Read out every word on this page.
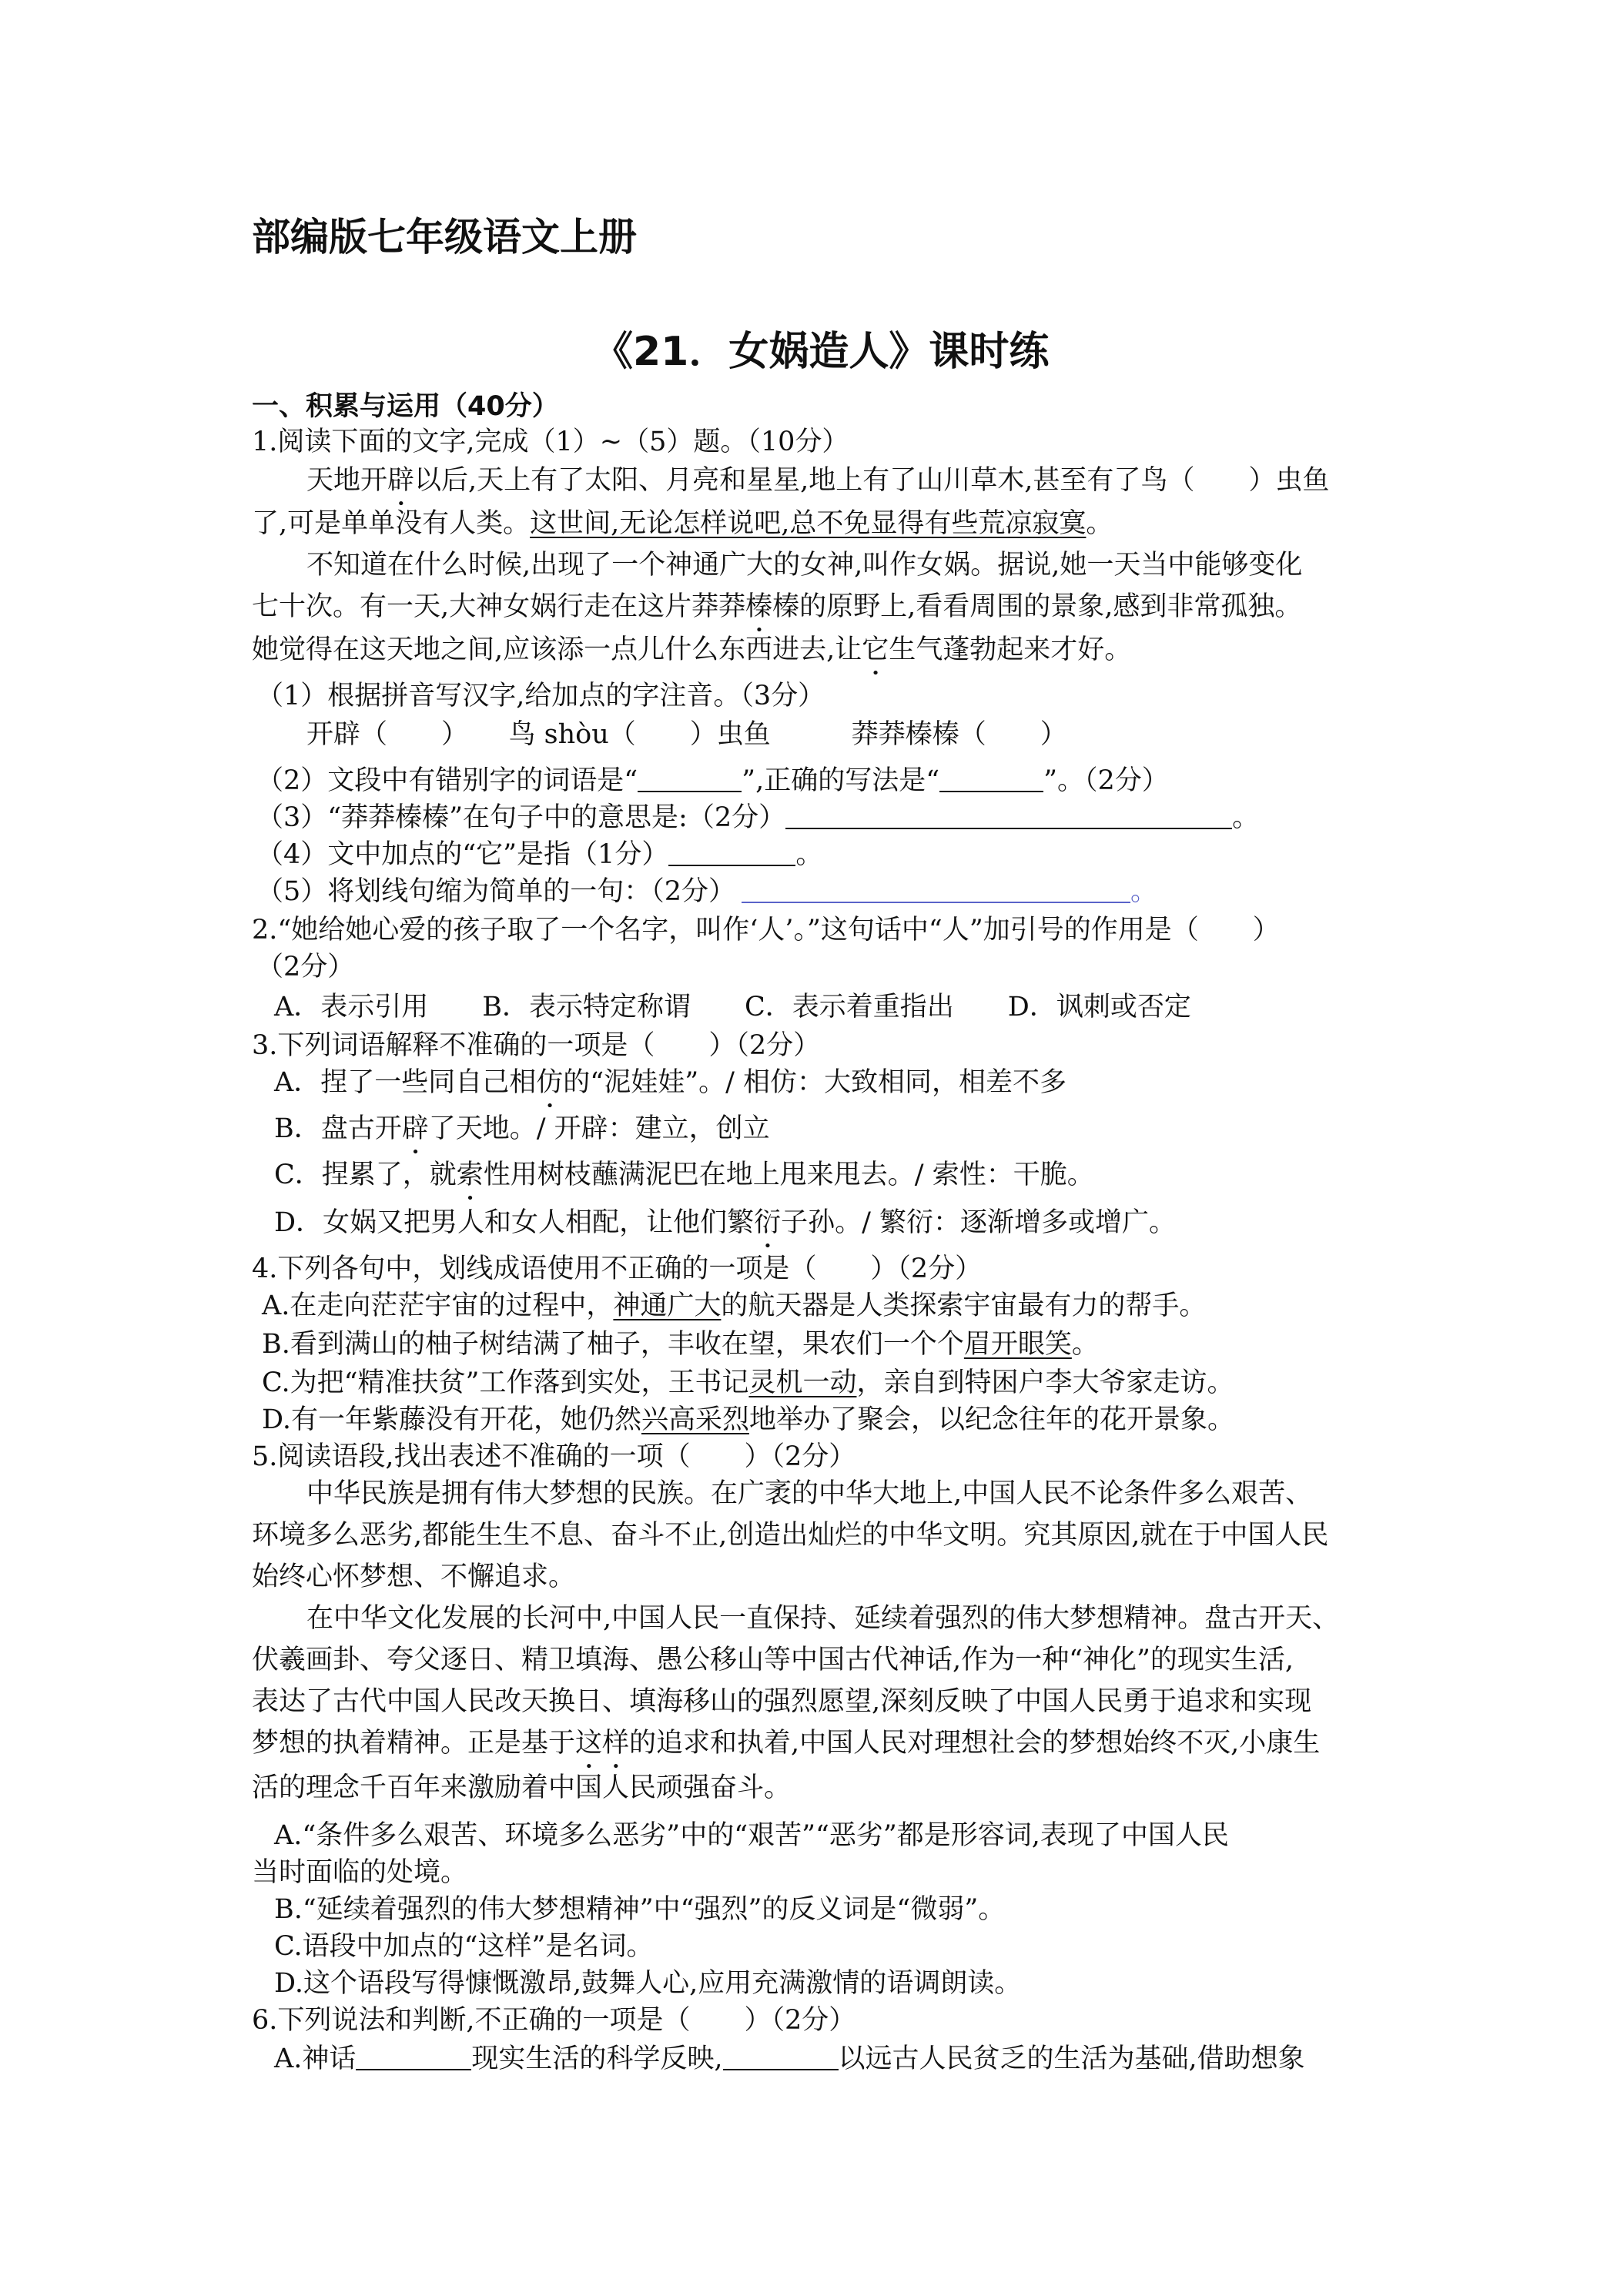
部编版七年级语文上册
《21．女娲造人》课时练
一、积累与运用（40分）
1.阅读下面的文字,完成（1）~（5）题。（10分）
天地开辟以后,天上有了太阳、月亮和星星,地上有了山川草木,甚至有了鸟（　　）虫鱼
了,可是单单没有人类。这世间,无论怎样说吧,总不免显得有些荒凉寂寞。
不知道在什么时候,出现了一个神通广大的女神,叫作女娲。据说,她一天当中能够变化
七十次。有一天,大神女娲行走在这片莽莽榛榛的原野上,看看周围的景象,感到非常孤独。
她觉得在这天地之间,应该添一点儿什么东西进去,让它生气蓬勃起来才好。
（1）根据拼音写汉字,给加点的字注音。（3分）
开辟（　　）　　鸟 shòu（　　）虫鱼　　　莽莽榛榛（　　）
（2）文段中有错别字的词语是“	”,正确的写法是“	”。（2分）
（3）“莽莽榛榛”在句子中的意思是:（2分）	。
（4）文中加点的“它”是指（1分）	。
（5）将划线句缩为简单的一句：（2分）	。
2.“她给她心爱的孩子取了一个名字，叫作‘人’。”这句话中“人”加引号的作用是（　　）
（2分）
A．表示引用　　B．表示特定称谓　　C．表示着重指出　　D．讽刺或否定
3.下列词语解释不准确的一项是（　　）（2分）
A．捏了一些同自己相仿的“泥娃娃”。/ 相仿：大致相同，相差不多
B．盘古开辟了天地。/ 开辟：建立，创立
C．捏累了，就索性用树枝蘸满泥巴在地上甩来甩去。/ 索性：干脆。
D．女娲又把男人和女人相配，让他们繁衍子孙。/ 繁衍：逐渐增多或增广。
4.下列各句中，划线成语使用不正确的一项是（　　）（2分）
A.在走向茫茫宇宙的过程中，神通广大的航天器是人类探索宇宙最有力的帮手。
B.看到满山的柚子树结满了柚子，丰收在望，果农们一个个眉开眼笑。
C.为把“精准扶贫”工作落到实处，王书记灵机一动，亲自到特困户李大爷家走访。
D.有一年紫藤没有开花，她仍然兴高采烈地举办了聚会，以纪念往年的花开景象。
5.阅读语段,找出表述不准确的一项（　　）（2分）
中华民族是拥有伟大梦想的民族。在广袤的中华大地上,中国人民不论条件多么艰苦、
环境多么恶劣,都能生生不息、奋斗不止,创造出灿烂的中华文明。究其原因,就在于中国人民
始终心怀梦想、不懈追求。
在中华文化发展的长河中,中国人民一直保持、延续着强烈的伟大梦想精神。盘古开天、
伏羲画卦、夸父逐日、精卫填海、愚公移山等中国古代神话,作为一种“神化”的现实生活,
表达了古代中国人民改天换日、填海移山的强烈愿望,深刻反映了中国人民勇于追求和实现
梦想的执着精神。正是基于这样的追求和执着,中国人民对理想社会的梦想始终不灭,小康生
活的理念千百年来激励着中国人民顽强奋斗。
A.“条件多么艰苦、环境多么恶劣”中的“艰苦”“恶劣”都是形容词,表现了中国人民
当时面临的处境。
B.“延续着强烈的伟大梦想精神”中“强烈”的反义词是“微弱”。
C.语段中加点的“这样”是名词。
D.这个语段写得慷慨激昂,鼓舞人心,应用充满激情的语调朗读。
6.下列说法和判断,不正确的一项是（　　）（2分）
A.神话	现实生活的科学反映,	以远古人民贫乏的生活为基础,借助想象
